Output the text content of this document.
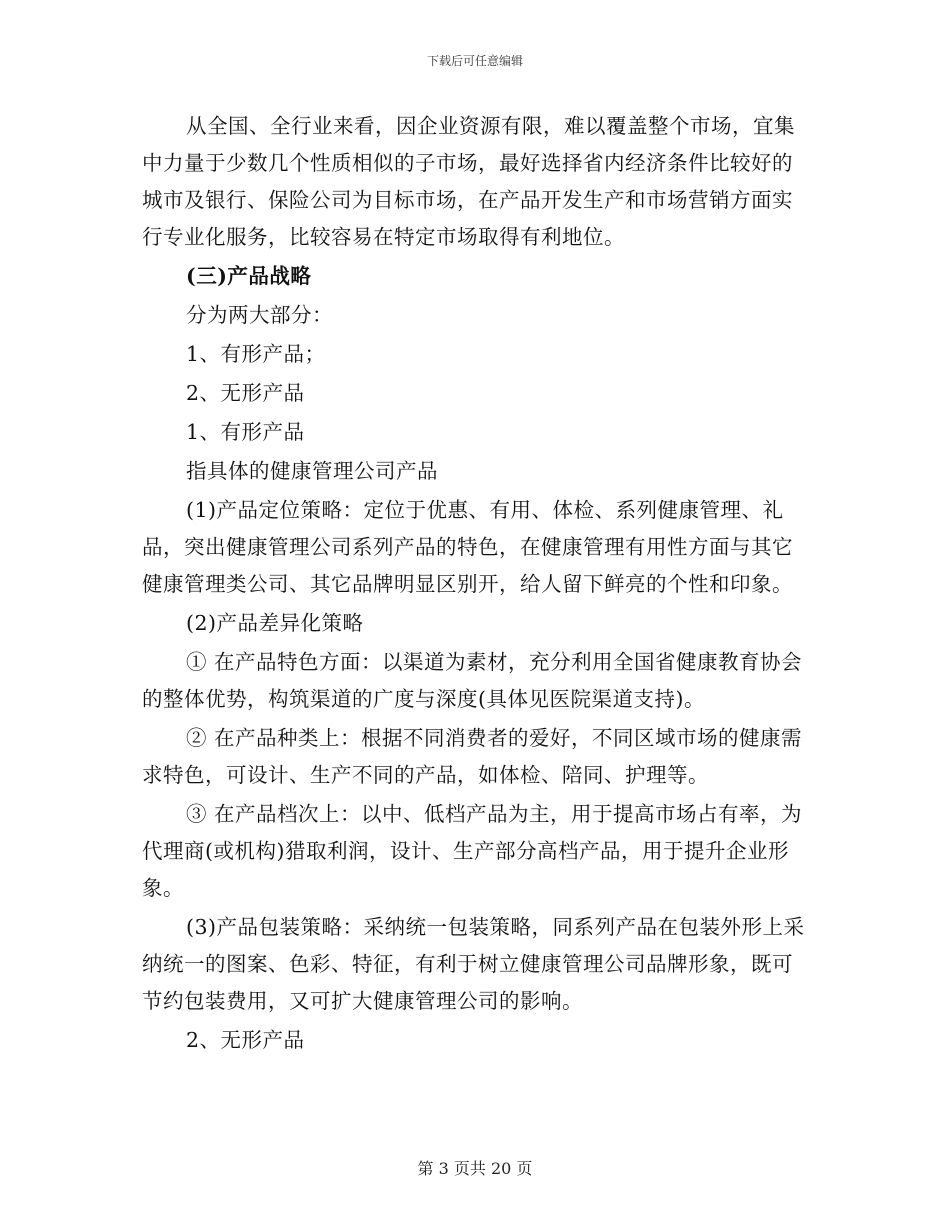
下载后可任意编辑

从全国、全行业来看，因企业资源有限，难以覆盖整个市场，宜集中力量于少数几个性质相似的子市场，最好选择省内经济条件比较好的城市及银行、保险公司为目标市场，在产品开发生产和市场营销方面实行专业化服务，比较容易在特定市场取得有利地位。

(三)产品战略

分为两大部分：

1、有形产品；

2、无形产品

1、有形产品

指具体的健康管理公司产品

(1)产品定位策略：定位于优惠、有用、体检、系列健康管理、礼品，突出健康管理公司系列产品的特色，在健康管理有用性方面与其它健康管理类公司、其它品牌明显区别开，给人留下鲜亮的个性和印象。

(2)产品差异化策略

① 在产品特色方面：以渠道为素材，充分利用全国省健康教育协会的整体优势，构筑渠道的广度与深度(具体见医院渠道支持)。

② 在产品种类上：根据不同消费者的爱好，不同区域市场的健康需求特色，可设计、生产不同的产品，如体检、陪同、护理等。

③ 在产品档次上：以中、低档产品为主，用于提高市场占有率，为代理商(或机构)猎取利润，设计、生产部分高档产品，用于提升企业形象。

(3)产品包装策略：采纳统一包装策略，同系列产品在包装外形上采纳统一的图案、色彩、特征，有利于树立健康管理公司品牌形象，既可节约包装费用，又可扩大健康管理公司的影响。

2、无形产品

第 3 页共 20 页
